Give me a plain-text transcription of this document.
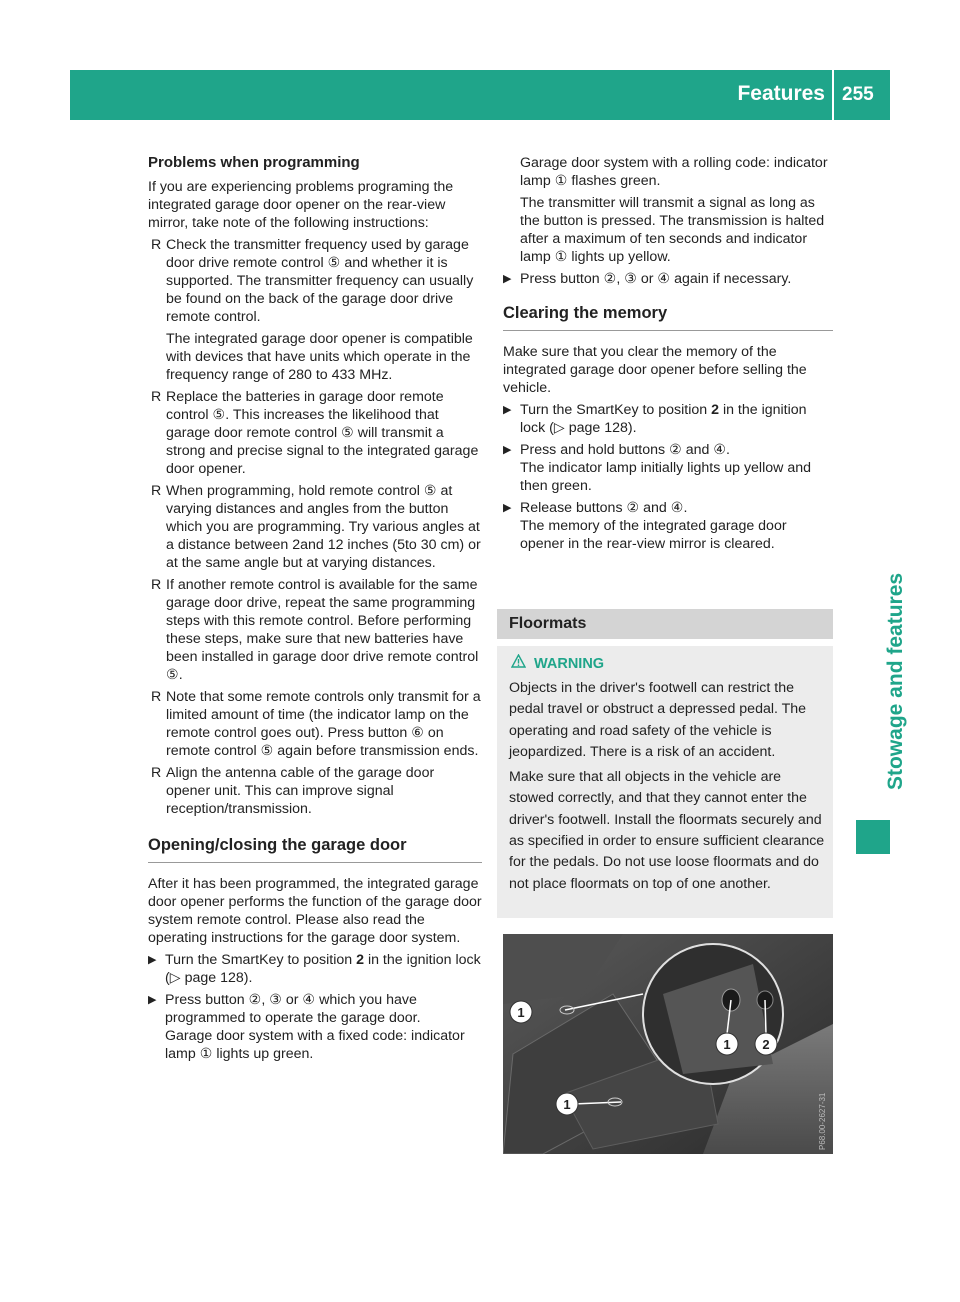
Features 255
Stowage and features
Problems when programming

If you are experiencing problems programing the integrated garage door opener on the rear-view mirror, take note of the following instructions:

R Check the transmitter frequency used by garage door drive remote control ⑤ and whether it is supported. The transmitter frequency can usually be found on the back of the garage door drive remote control.

The integrated garage door opener is compatible with devices that have units which operate in the frequency range of 280 to 433 MHz.

R Replace the batteries in garage door remote control ⑤. This increases the likelihood that garage door remote control ⑤ will transmit a strong and precise signal to the integrated garage door opener.

R When programming, hold remote control ⑤ at varying distances and angles from the button which you are programming. Try various angles at a distance between 2and 12 inches (5to 30 cm) or at the same angle but at varying distances.

R If another remote control is available for the same garage door drive, repeat the same programming steps with this remote control. Before performing these steps, make sure that new batteries have been installed in garage door drive remote control ⑤.

R Note that some remote controls only transmit for a limited amount of time (the indicator lamp on the remote control goes out). Press button ⑥ on remote control ⑤ again before transmission ends.

R Align the antenna cable of the garage door opener unit. This can improve signal reception/transmission.

Opening/closing the garage door

After it has been programmed, the integrated garage door opener performs the function of the garage door system remote control. Please also read the operating instructions for the garage door system.

▶ Turn the SmartKey to position 2 in the ignition lock (▷ page 128).
▶ Press button ②, ③ or ④ which you have programmed to operate the garage door.

Garage door system with a fixed code: indicator lamp ① lights up green.

Garage door system with a rolling code: indicator lamp ① flashes green.

The transmitter will transmit a signal as long as the button is pressed. The transmission is halted after a maximum of ten seconds and indicator lamp ① lights up yellow.

▶ Press button ②, ③ or ④ again if necessary.
Clearing the memory

Make sure that you clear the memory of the integrated garage door opener before selling the vehicle.

▶ Turn the SmartKey to position 2 in the ignition lock (▷ page 128).
▶ Press and hold buttons ② and ④.
The indicator lamp initially lights up yellow and then green.
▶ Release buttons ② and ④.
The memory of the integrated garage door opener in the rear-view mirror is cleared.
Floormats
WARNING

Objects in the driver's footwell can restrict the pedal travel or obstruct a depressed pedal. The operating and road safety of the vehicle is jeopardized. There is a risk of an accident.

Make sure that all objects in the vehicle are stowed correctly, and that they cannot enter the driver's footwell. Install the floormats securely and as specified in order to ensure sufficient clearance for the pedals. Do not use loose floormats and do not place floormats on top of one another.

1
1
1 2
P68.00-2627-31
